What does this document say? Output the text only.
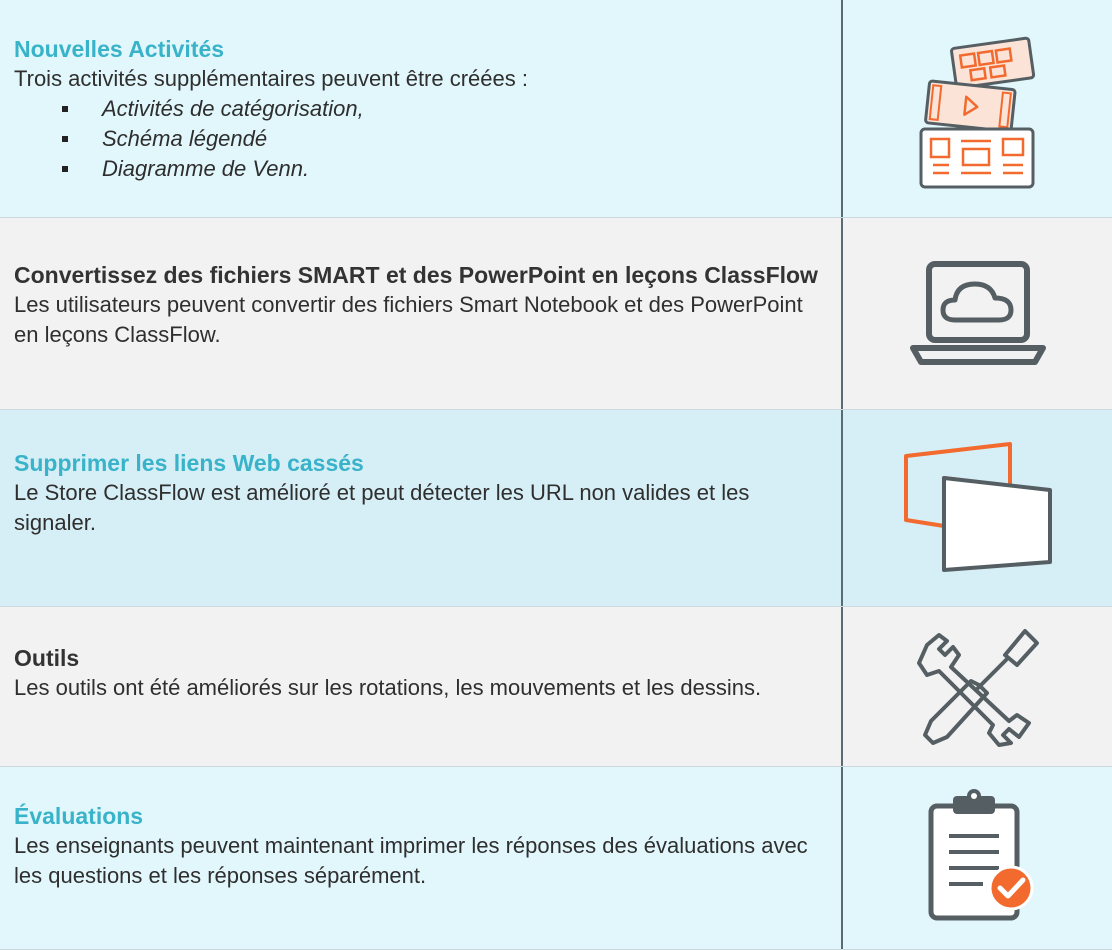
Nouvelles Activités

Trois activités supplémentaires peuvent être créées :

Activités de catégorisation,
Schéma légendé
Diagramme de Venn.

Convertissez des fichiers SMART et des PowerPoint en leçons ClassFlow

Les utilisateurs peuvent convertir des fichiers Smart Notebook et des PowerPoint en leçons ClassFlow.

Supprimer les liens Web cassés

Le Store ClassFlow est amélioré et peut détecter les URL non valides et les signaler.

Outils

Les outils ont été améliorés sur les rotations, les mouvements et les dessins.

Évaluations

Les enseignants peuvent maintenant imprimer les réponses des évaluations avec les questions et les réponses séparément.
